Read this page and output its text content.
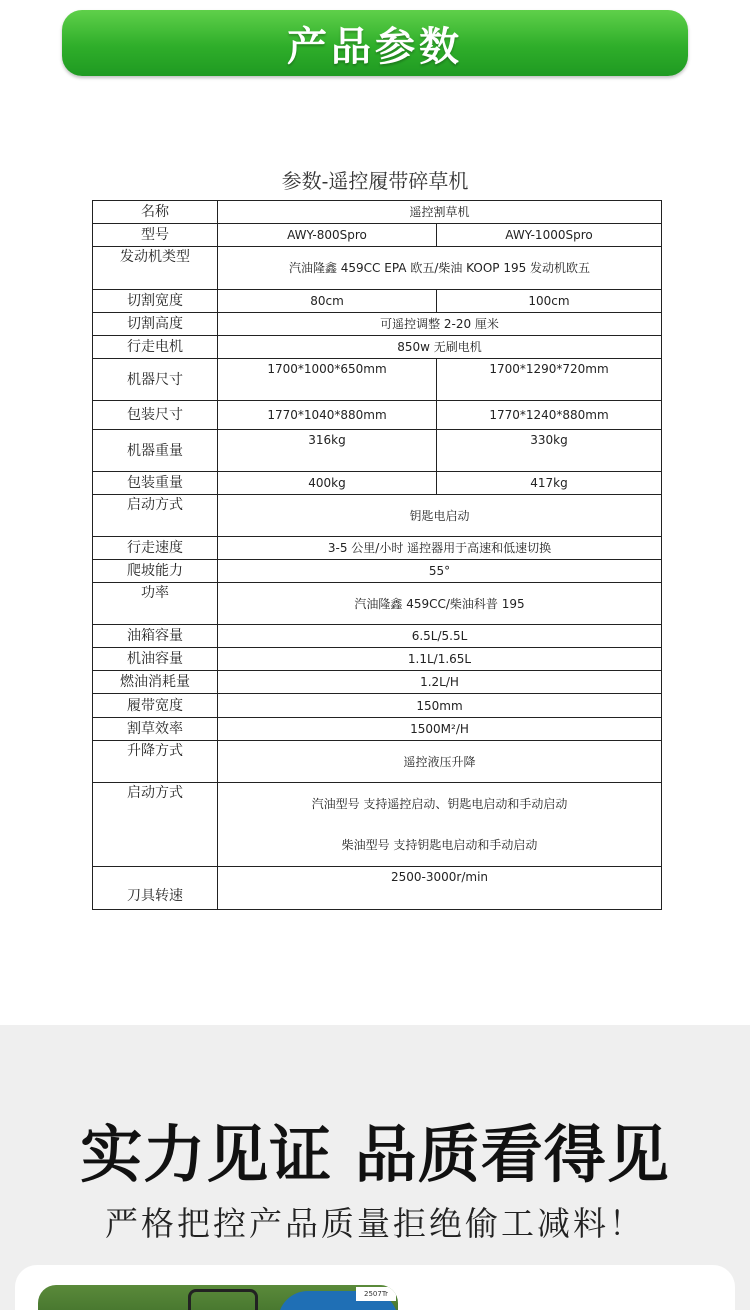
产品参数
参数-遥控履带碎草机
名称	遥控割草机	
型号	AWY-800Spro	AWY-1000Spro
发动机类型	汽油隆鑫 459CC EPA 欧五/柴油 KOOP 195 发动机欧五	
切割宽度	80cm	100cm
切割高度	可遥控调整 2-20 厘米	
行走电机	850w 无刷电机	
机器尺寸	1700*1000*650mm	1700*1290*720mm
包装尺寸	1770*1040*880mm	1770*1240*880mm
机器重量	316kg	330kg
包装重量	400kg	417kg
启动方式	钥匙电启动	
行走速度	3-5 公里/小时 遥控器用于高速和低速切换	
爬坡能力	55°	
功率	汽油隆鑫 459CC/柴油科普 195	
油箱容量	6.5L/5.5L	
机油容量	1.1L/1.65L	
燃油消耗量	1.2L/H	
履带宽度	150mm	
割草效率	1500M²/H	
升降方式	遥控液压升降	
启动方式	汽油型号 支持遥控启动、钥匙电启动和手动启动
柴油型号 支持钥匙电启动和手动启动	

刀具转速	2500-3000r/min	
实力见证 品质看得见
严格把控产品质量拒绝偷工减料！
2507Tr
